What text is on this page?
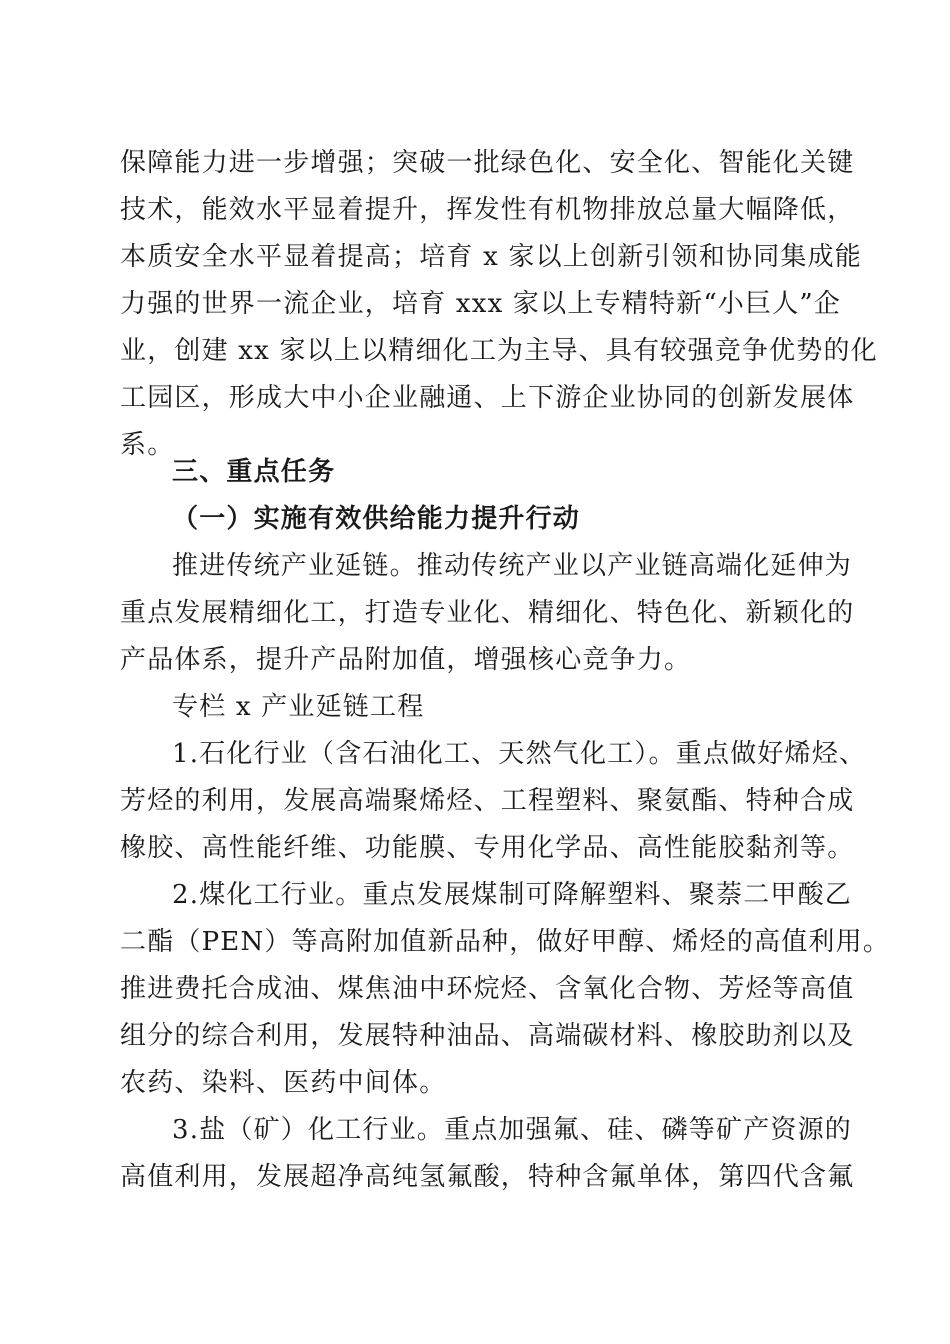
保障能力进一步增强；突破一批绿色化、安全化、智能化关键
技术，能效水平显着提升，挥发性有机物排放总量大幅降低，
本质安全水平显着提高；培育 x 家以上创新引领和协同集成能
力强的世界一流企业，培育 xxx 家以上专精特新“小巨人”企
业，创建 xx 家以上以精细化工为主导、具有较强竞争优势的化
工园区，形成大中小企业融通、上下游企业协同的创新发展体
系。
三、重点任务
（一）实施有效供给能力提升行动
推进传统产业延链。推动传统产业以产业链高端化延伸为
重点发展精细化工，打造专业化、精细化、特色化、新颖化的
产品体系，提升产品附加值，增强核心竞争力。
专栏 x 产业延链工程
1.石化行业（含石油化工、天然气化工）。重点做好烯烃、
芳烃的利用，发展高端聚烯烃、工程塑料、聚氨酯、特种合成
橡胶、高性能纤维、功能膜、专用化学品、高性能胶黏剂等。
2.煤化工行业。重点发展煤制可降解塑料、聚萘二甲酸乙
二酯（PEN）等高附加值新品种，做好甲醇、烯烃的高值利用。
推进费托合成油、煤焦油中环烷烃、含氧化合物、芳烃等高值
组分的综合利用，发展特种油品、高端碳材料、橡胶助剂以及
农药、染料、医药中间体。
3.盐（矿）化工行业。重点加强氟、硅、磷等矿产资源的
高值利用，发展超净高纯氢氟酸，特种含氟单体，第四代含氟
